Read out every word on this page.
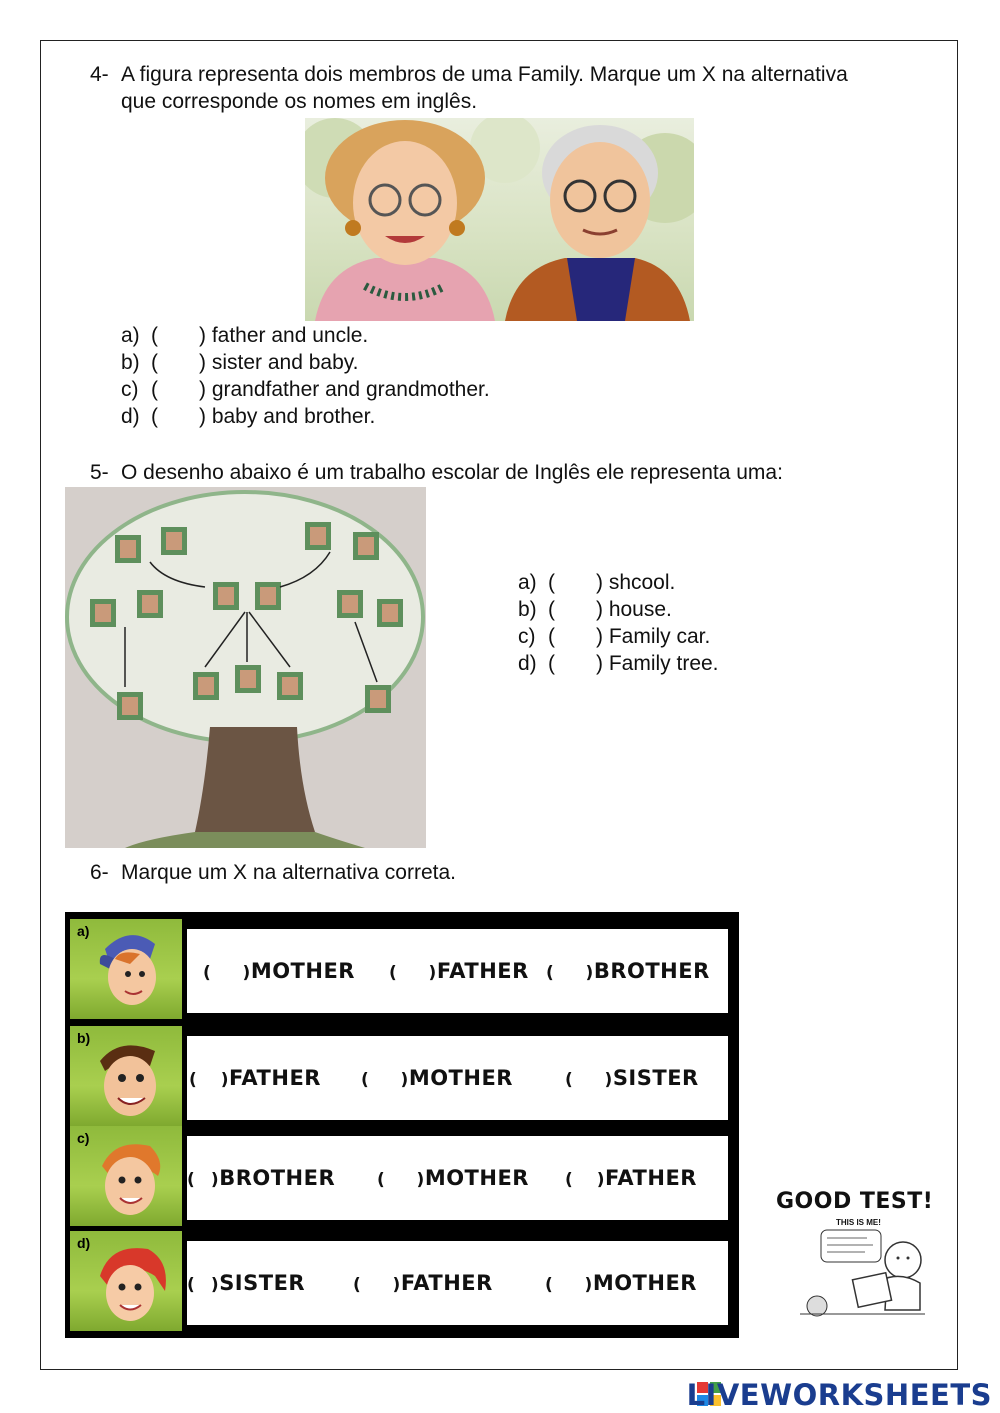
4- A figura representa dois membros de uma Family. Marque um X na alternativa
que corresponde os nomes em inglês.
a) ( ) father and uncle.
b) ( ) sister and baby.
c) ( ) grandfather and grandmother.
d) ( ) baby and brother.
5- O desenho abaixo é um trabalho escolar de Inglês ele representa uma:
a) ( ) shcool.
b) ( ) house.
c) ( ) Family car.
d) ( ) Family tree.
6- Marque um X na alternativa correta.
a)
( )MOTHER ( )FATHER ( )BROTHER
b)
( )FATHER ( )MOTHER	( )SISTER
c)
( )BROTHER ( )MOTHER ( )FATHER
d)
( )SISTER	( )FATHER	( )MOTHER
GOOD TEST!
THIS IS ME!
LIVEWORKSHEETS
